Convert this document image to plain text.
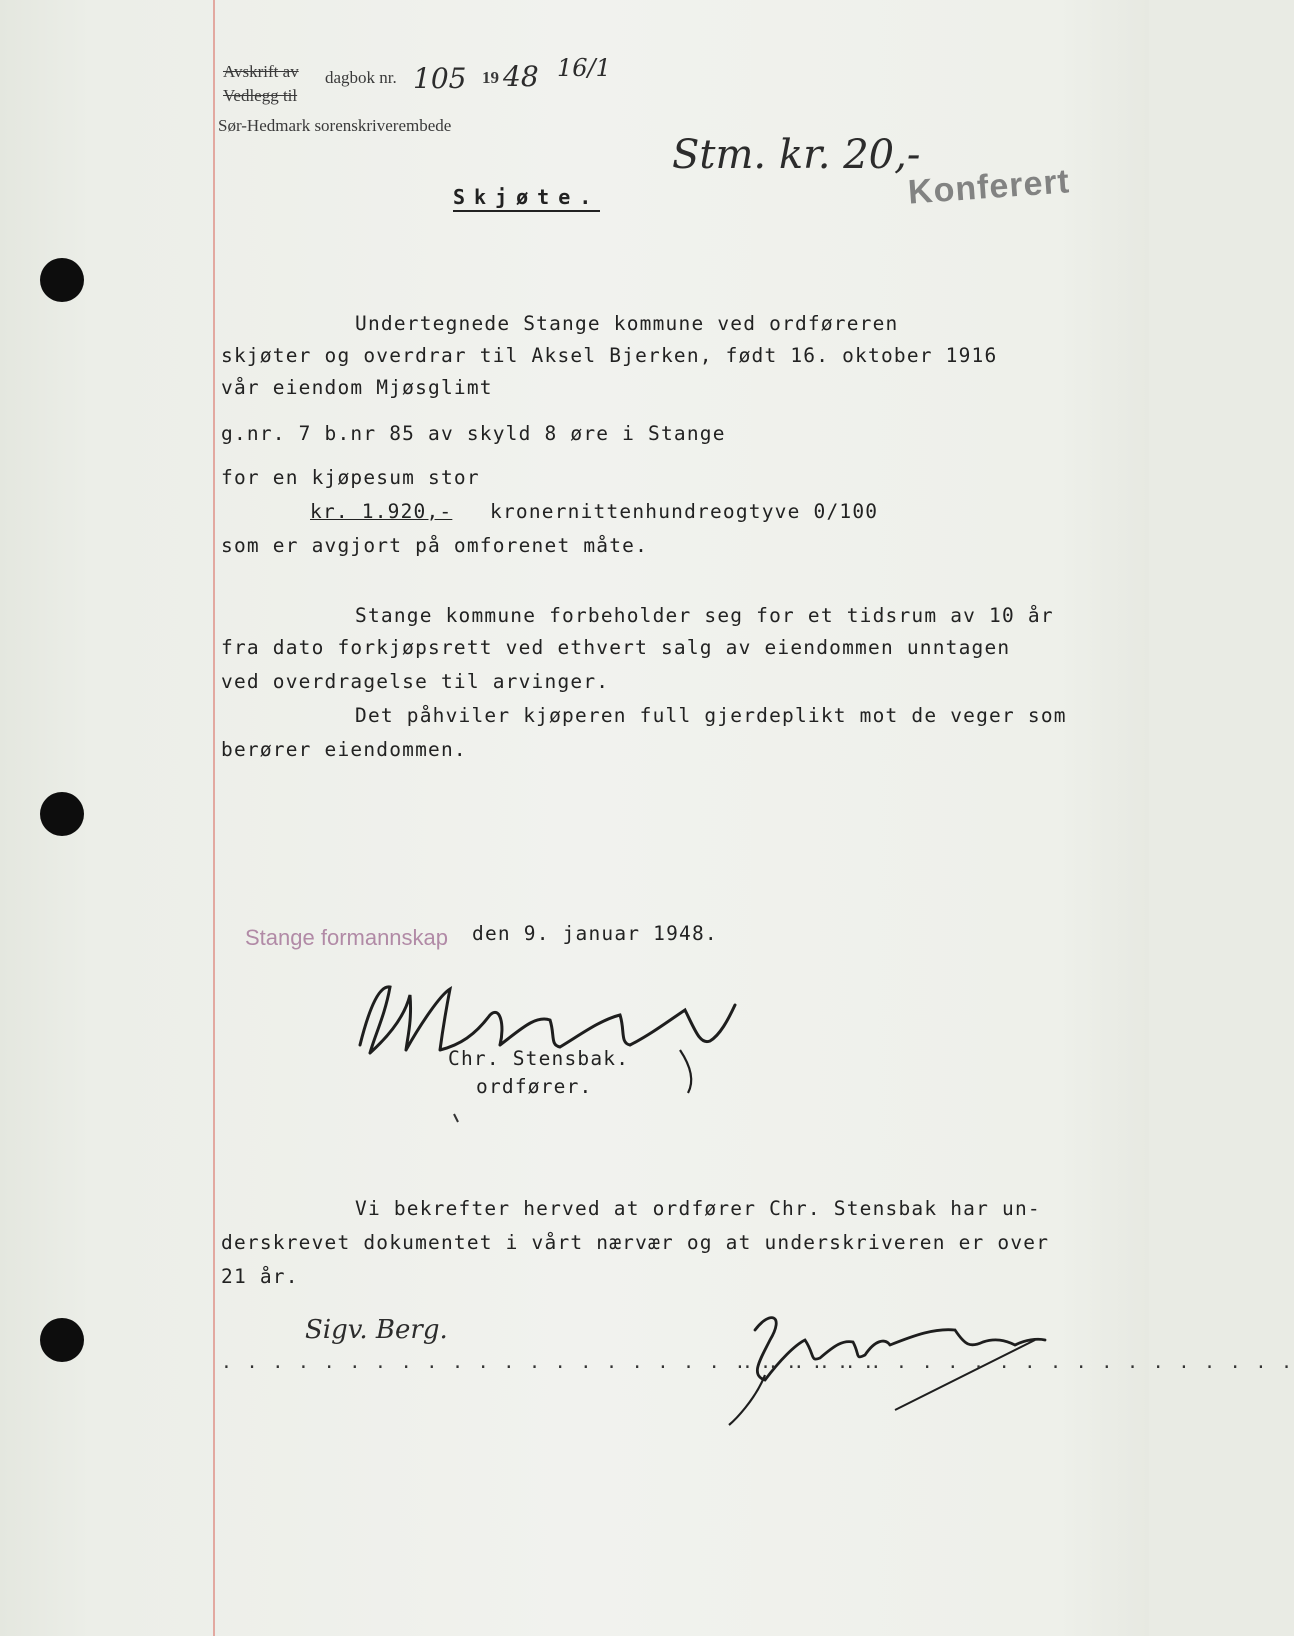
Avskrift av dagbok nr.
Vedlegg til
Sør-Hedmark sorenskriverembede
105 19 48 16/1
Stm. kr. 20,-
Konferert
Skjøte.
Undertegnede Stange kommune ved ordføreren
skjøter og overdrar til Aksel Bjerken, født 16. oktober 1916
vår eiendom Mjøsglimt
g.nr. 7 b.nr 85 av skyld 8 øre i Stange
for en kjøpesum stor
kr. 1.920,- kronernittenhundreogtyve 0/100
som er avgjort på omforenet måte.
Stange kommune forbeholder seg for et tidsrum av 10 år
fra dato forkjøpsrett ved ethvert salg av eiendommen unntagen
ved overdragelse til arvinger.
Det påhviler kjøperen full gjerdeplikt mot de veger som
berører eiendommen.
Stange formannskap den 9. januar 1948.
Chr. Stensbak.
ordfører.
Vi bekrefter herved at ordfører Chr. Stensbak har un-
derskrevet dokumentet i vårt nærvær og at underskriveren er over
21 år.
Sigv. Berg.
. . . . . . . . . . . . . . . . . . . . . . . . . .
. . . . . . . . . . . . . . . . . . . . . .
